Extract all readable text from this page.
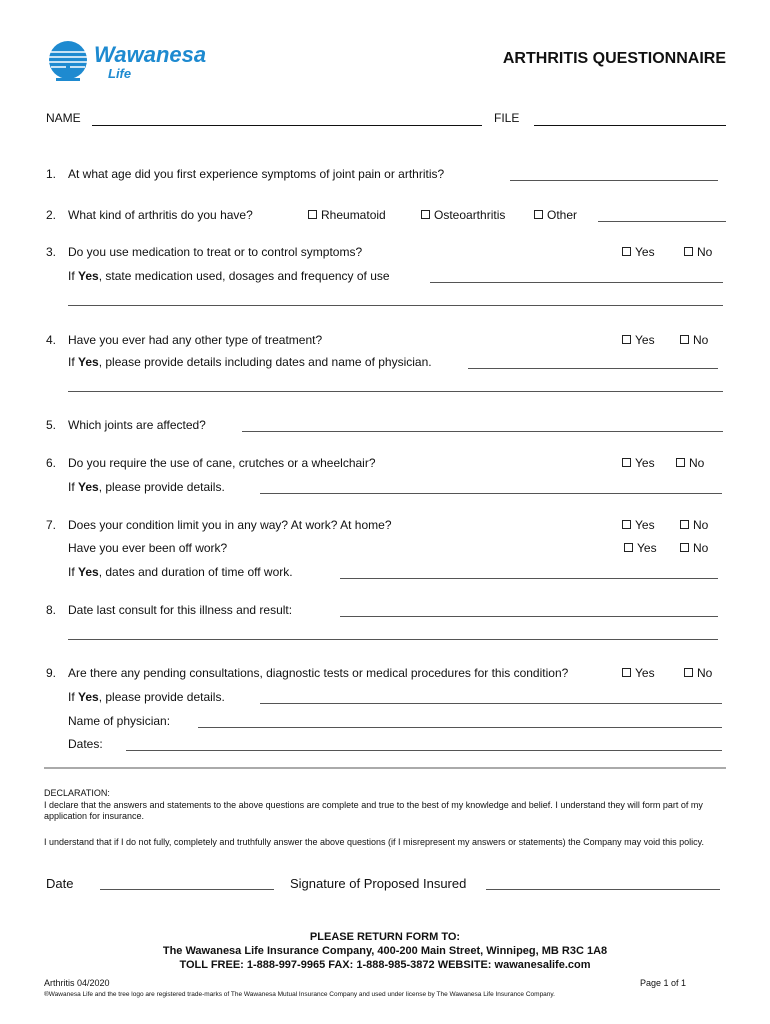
Wawanesa
Life
ARTHRITIS QUESTIONNAIRE
NAME	FILE
1. At what age did you first experience symptoms of joint pain or arthritis?
2. What kind of arthritis do you have?	Rheumatoid	Osteoarthritis	Other
3. Do you use medication to treat or to control symptoms?	Yes	No
If Yes, state medication used, dosages and frequency of use
4. Have you ever had any other type of treatment?	Yes	No
If Yes, please provide details including dates and name of physician.
5. Which joints are affected?
6. Do you require the use of cane, crutches or a wheelchair?	Yes	No
If Yes, please provide details.
7. Does your condition limit you in any way? At work? At home?	Yes	No
Have you ever been off work?	Yes	No
If Yes, dates and duration of time off work.
8. Date last consult for this illness and result:
9. Are there any pending consultations, diagnostic tests or medical procedures for this condition?	Yes	No
If Yes, please provide details.
Name of physician:
Dates:
DECLARATION:
I declare that the answers and statements to the above questions are complete and true to the best of my knowledge and belief. I understand they will form part of my application for insurance.
I understand that if I do not fully, completely and truthfully answer the above questions (if I misrepresent my answers or statements) the Company may void this policy.
Date	Signature of Proposed Insured
PLEASE RETURN FORM TO:
The Wawanesa Life Insurance Company, 400-200 Main Street, Winnipeg, MB R3C 1A8
TOLL FREE: 1-888-997-9965 FAX: 1-888-985-3872 WEBSITE: wawanesalife.com
Arthritis 04/2020	Page 1 of 1
®Wawanesa Life and the tree logo are registered trade-marks of The Wawanesa Mutual Insurance Company and used under license by The Wawanesa Life Insurance Company.
